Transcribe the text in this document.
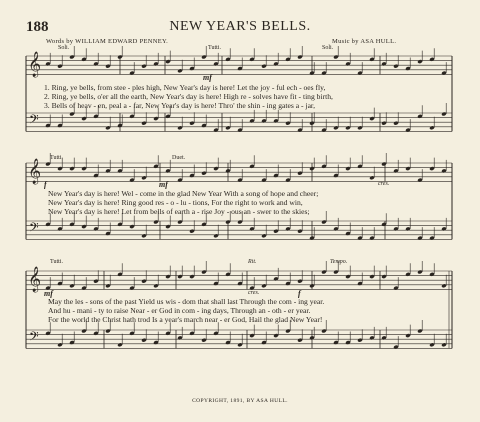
188	NEW YEAR'S BELLS.
Words by WILLIAM EDWARD PENNEY.	Music by ASA HULL.
𝄞
𝄢
𝄞
𝄢
𝄞
𝄢
Soli.	Tutti.	Soli.
mf
1. Ring, ye bells, from stee - ples high, New Year's day is here! Let the joy - ful ech - oes fly,
2. Ring, ye bells, o'er all the earth, New Year's day is here! High re - solves have fit - ting birth,
3. Bells of heav - en, peal a - far, New Year's day is here! Thro' the shin - ing gates a - jar,
Tutti.	Duet.
f	mf	cres.
New Year's day is here! Wel - come in the glad New Year With a song of hope and cheer;
New Year's day is here! Ring good res - o - lu - tions, For the right to work and win,
New Year's day is here! Let from bells of earth a - rise Joy - ous an - swer to the skies;
Tutti.	Rit.	Tempo.
mf	cres.	f
May the les - sons of the past Yield us wis - dom that shall last Through the com - ing year.
And hu - mani - ty to raise Near - er God in com - ing days, Through an - oth - er year.
For the world the Christ hath trod Is a year's march near - er God, Hail the glad New Year!
COPYRIGHT, 1891, BY ASA HULL.
